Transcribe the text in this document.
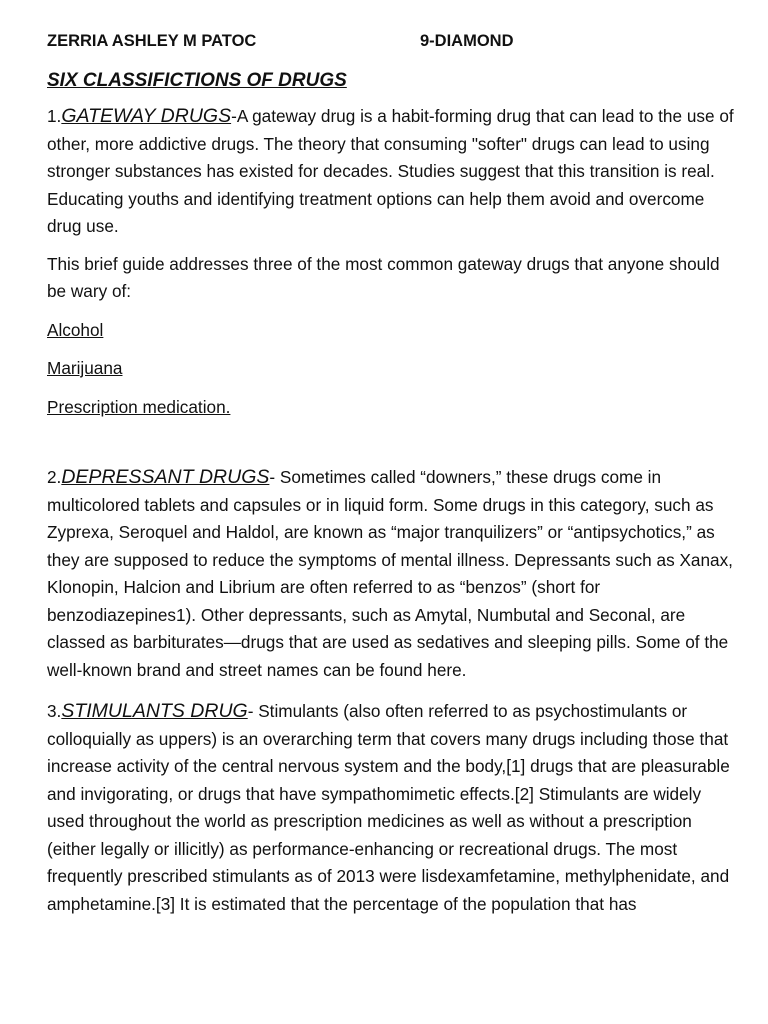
ZERRIA ASHLEY M PATOC	9-DIAMOND
SIX CLASSIFICTIONS OF DRUGS

1.GATEWAY DRUGS-A gateway drug is a habit-forming drug that can lead to the use of other, more addictive drugs. The theory that consuming "softer" drugs can lead to using stronger substances has existed for decades. Studies suggest that this transition is real. Educating youths and identifying treatment options can help them avoid and overcome drug use.

This brief guide addresses three of the most common gateway drugs that anyone should be wary of:

Alcohol
Marijuana
Prescription medication.

2.DEPRESSANT DRUGS- Sometimes called “downers,” these drugs come in multicolored tablets and capsules or in liquid form. Some drugs in this category, such as Zyprexa, Seroquel and Haldol, are known as “major tranquilizers” or “antipsychotics,” as they are supposed to reduce the symptoms of mental illness. Depressants such as Xanax, Klonopin, Halcion and Librium are often referred to as “benzos” (short for benzodiazepines1). Other depressants, such as Amytal, Numbutal and Seconal, are classed as barbiturates—drugs that are used as sedatives and sleeping pills. Some of the well-known brand and street names can be found here.

3.STIMULANTS DRUG- Stimulants (also often referred to as psychostimulants or colloquially as uppers) is an overarching term that covers many drugs including those that increase activity of the central nervous system and the body,[1] drugs that are pleasurable and invigorating, or drugs that have sympathomimetic effects.[2] Stimulants are widely used throughout the world as prescription medicines as well as without a prescription (either legally or illicitly) as performance-enhancing or recreational drugs. The most frequently prescribed stimulants as of 2013 were lisdexamfetamine, methylphenidate, and amphetamine.[3] It is estimated that the percentage of the population that has
